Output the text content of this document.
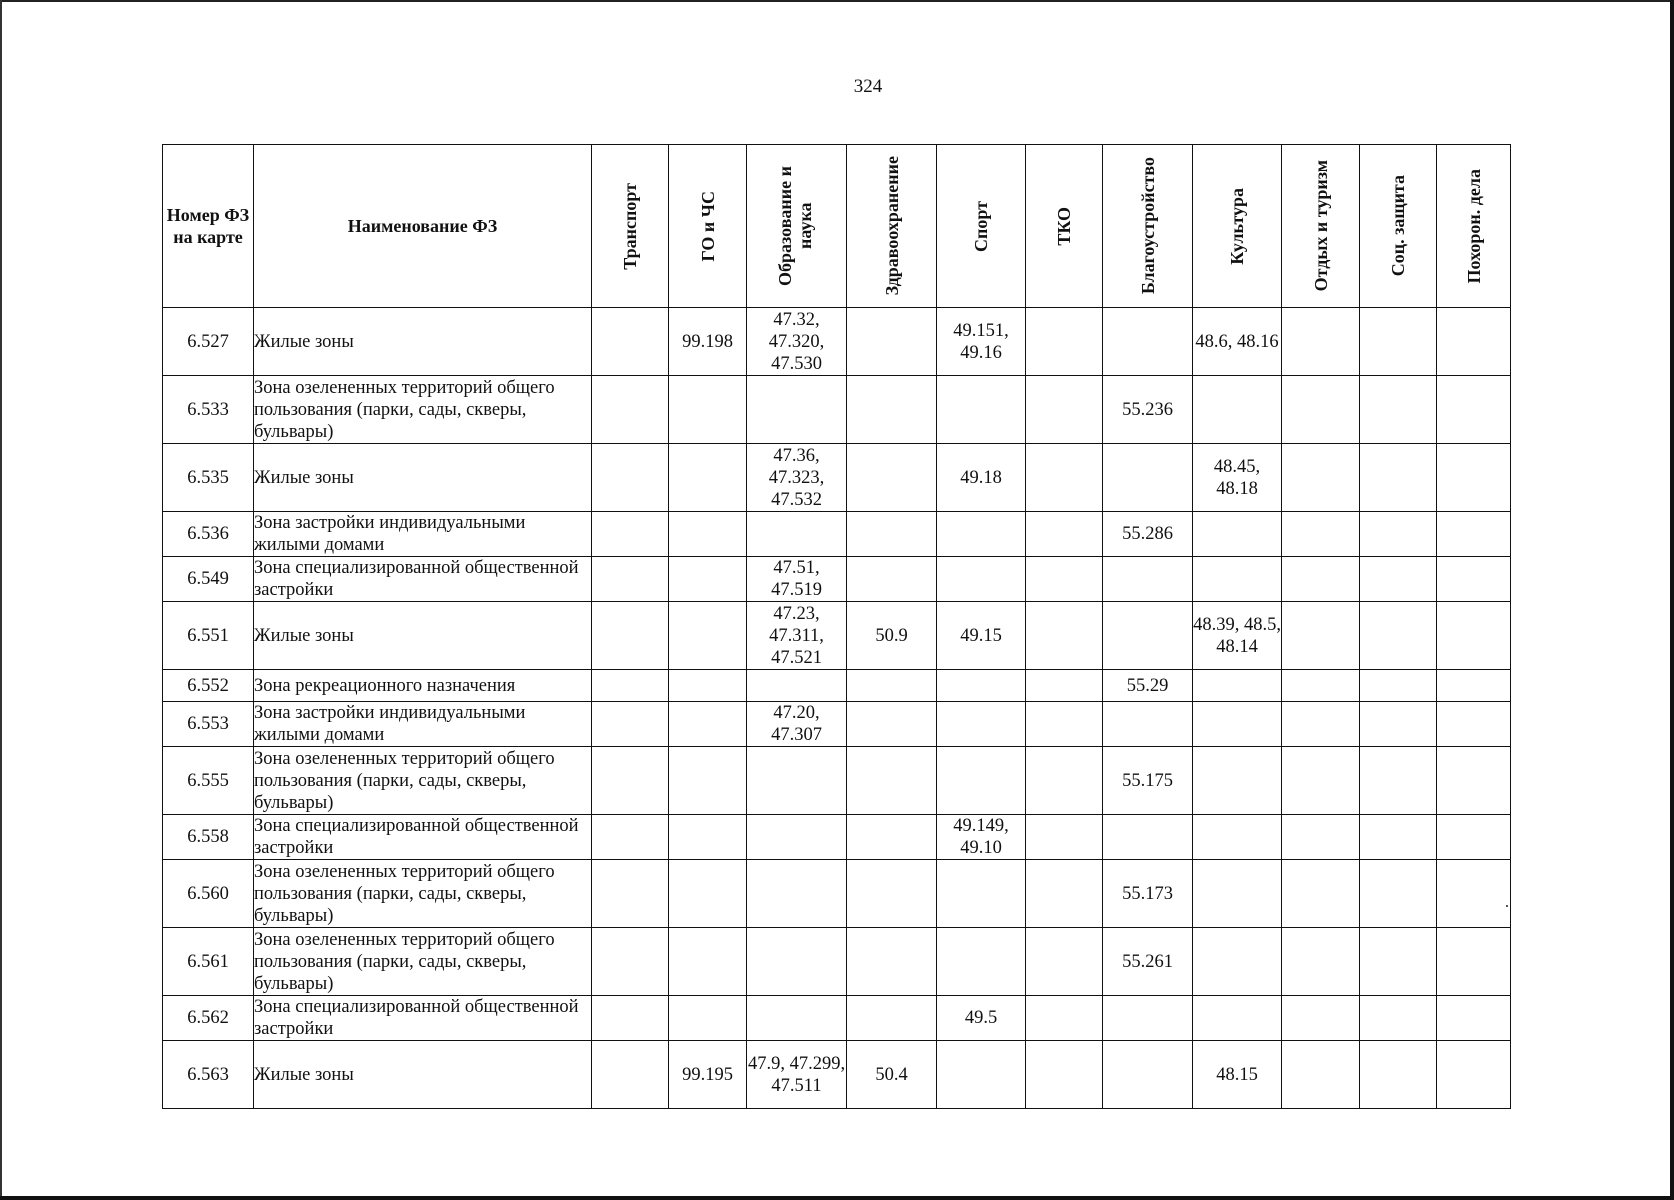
324
Номер ФЗ на карте	Наименование ФЗ	Транспорт	ГО и ЧС	Образование и наука	Здравоохранение	Спорт	ТКО	Благоустройство	Культура	Отдых и туризм	Соц. защита	Похорон. дела

6.527	Жилые зоны		99.198	47.32, 47.320, 47.530		49.151, 49.16			48.6, 48.16			
6.533	Зона озелененных территорий общего пользования (парки, сады, скверы, бульвары)							55.236				
6.535	Жилые зоны			47.36, 47.323, 47.532		49.18			48.45, 48.18			
6.536	Зона застройки индивидуальными жилыми домами							55.286				
6.549	Зона специализированной общественной застройки			47.51, 47.519								
6.551	Жилые зоны			47.23, 47.311, 47.521	50.9	49.15			48.39, 48.5, 48.14			
6.552	Зона рекреационного назначения							55.29				
6.553	Зона застройки индивидуальными жилыми домами			47.20, 47.307								
6.555	Зона озелененных территорий общего пользования (парки, сады, скверы, бульвары)							55.175				
6.558	Зона специализированной общественной застройки					49.149, 49.10						
6.560	Зона озелененных территорий общего пользования (парки, сады, скверы, бульвары)							55.173				
6.561	Зона озелененных территорий общего пользования (парки, сады, скверы, бульвары)							55.261				
6.562	Зона специализированной общественной застройки					49.5						
6.563	Жилые зоны		99.195	47.9, 47.299, 47.511	50.4				48.15			
